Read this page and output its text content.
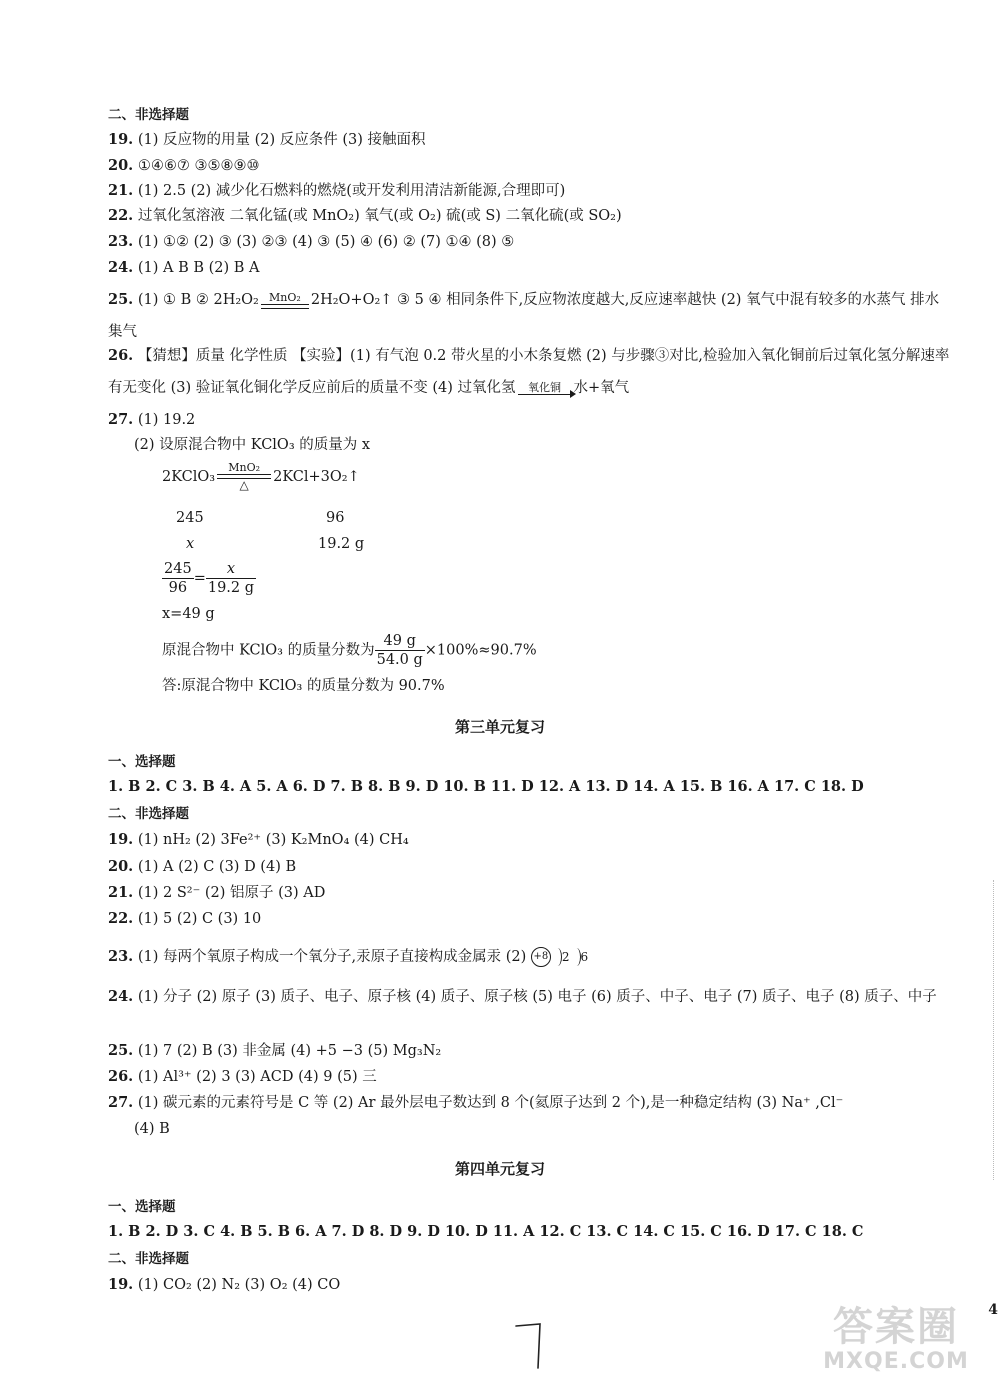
二、非选择题
19. (1) 反应物的用量 (2) 反应条件 (3) 接触面积
20. ①④⑥⑦ ③⑤⑧⑨⑩
21. (1) 2.5 (2) 减少化石燃料的燃烧(或开发利用清洁新能源,合理即可)
22. 过氧化氢溶液 二氧化锰(或 MnO₂) 氧气(或 O₂) 硫(或 S) 二氧化硫(或 SO₂)
23. (1) ①② (2) ③ (3) ②③ (4) ③ (5) ④ (6) ② (7) ①④ (8) ⑤
24. (1) A B B (2) B A
25. (1) ① B ② 2H₂O₂ MnO₂ 2H₂O+O₂↑ ③ 5 ④ 相同条件下,反应物浓度越大,反应速率越快 (2) 氧气中混有较多的水蒸气 排水集气
26. 【猜想】质量 化学性质 【实验】(1) 有气泡 0.2 带火星的小木条复燃 (2) 与步骤③对比,检验加入氧化铜前后过氧化氢分解速率有无变化 (3) 验证氧化铜化学反应前后的质量不变 (4) 过氧化氢	氧化铜 水+氧气
27. (1) 19.2
(2) 设原混合物中 KClO₃ 的质量为 x
2KClO₃
MnO₂
△	2KCl+3O₂↑
245	96
x	19.2 g
$\frac{245}{96} = \frac{x}{19.2 g}$
x=49 g
原混合物中 KClO₃ 的质量分数为 $\frac{49 g}{54.0 g} \times 100\%\approx 90.7\%$
答:原混合物中 KClO₃ 的质量分数为 90.7%
第三单元复习
一、选择题
1. B 2. C 3. B 4. A 5. A 6. D 7. B 8. B 9. D 10. B 11. D 12. A 13. D 14. A 15. B 16. A 17. C 18. D
二、非选择题
19. (1) nH₂ (2) 3Fe²⁺ (3) K₂MnO₄ (4) CH₄
20. (1) A (2) C (3) D (4) B
21. (1) 2 S²⁻ (2) 铝原子 (3) AD
22. (1) 5 (2) C (3) 10
23. (1) 每两个氧原子构成一个氧分子,汞原子直接构成金属汞 (2) +8 2 6
24. (1) 分子 (2) 原子 (3) 质子、电子、原子核 (4) 质子、原子核 (5) 电子 (6) 质子、中子、电子 (7) 质子、电子 (8) 质子、中子
25. (1) 7 (2) B (3) 非金属 (4) +5 −3 (5) Mg₃N₂
26. (1) Al³⁺ (2) 3 (3) ACD (4) 9 (5) 三
27. (1) 碳元素的元素符号是 C 等 (2) Ar 最外层电子数达到 8 个(氦原子达到 2 个),是一种稳定结构 (3) Na⁺ ,Cl⁻
(4) B
第四单元复习
一、选择题
1. B 2. D 3. C 4. B 5. B 6. A 7. D 8. D 9. D 10. D 11. A 12. C 13. C 14. C 15. C 16. D 17. C 18. C
二、非选择题
19. (1) CO₂ (2) N₂ (3) O₂ (4) CO
4
答案圈
MXQE.COM
